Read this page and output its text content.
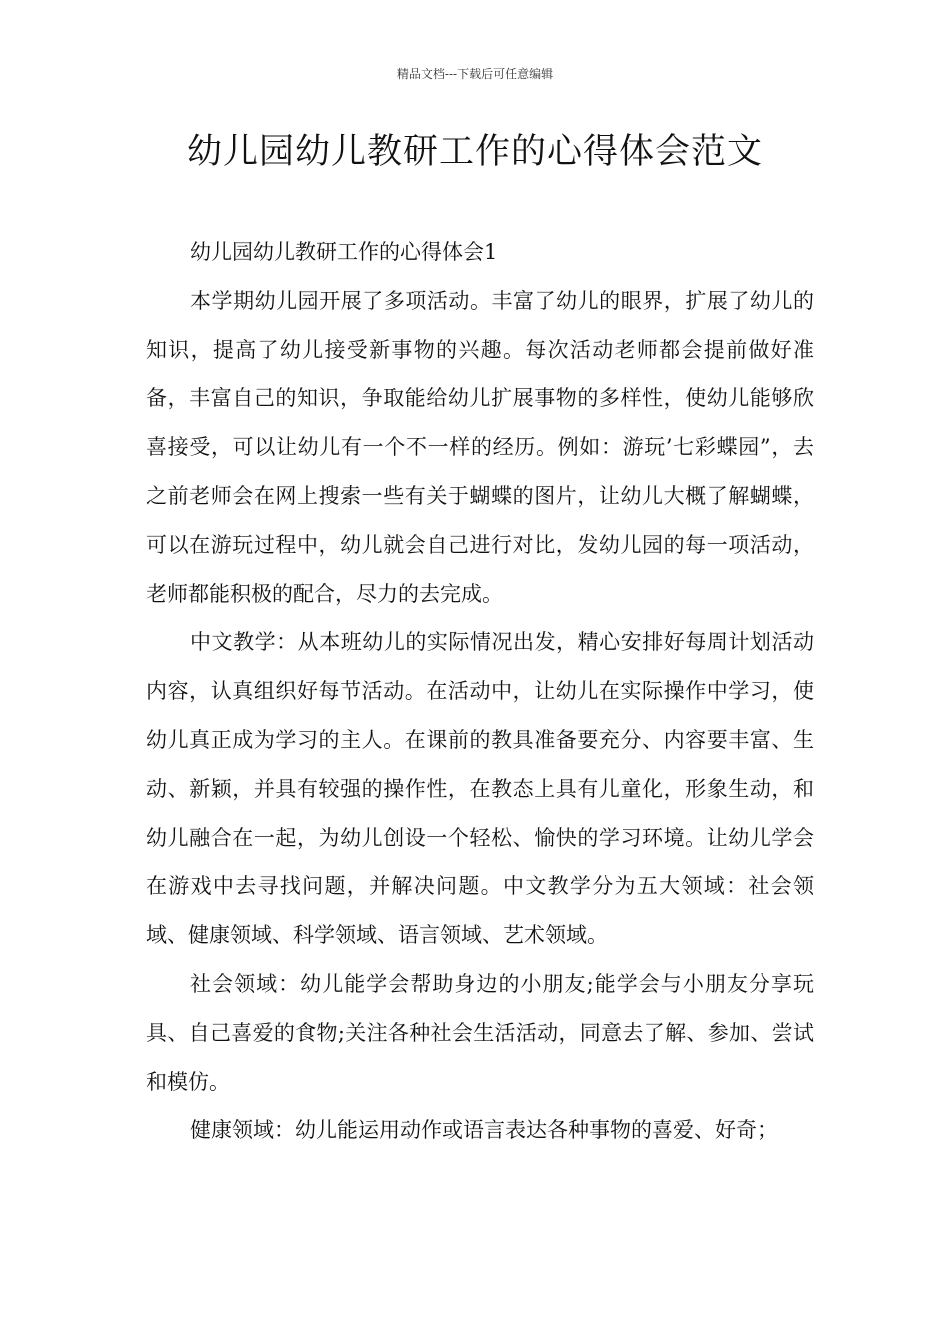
精品文档---下载后可任意编辑
幼儿园幼儿教研工作的心得体会范文

幼儿园幼儿教研工作的心得体会1

本学期幼儿园开展了多项活动。丰富了幼儿的眼界，扩展了幼儿的知识，提高了幼儿接受新事物的兴趣。每次活动老师都会提前做好准备，丰富自己的知识，争取能给幼儿扩展事物的多样性，使幼儿能够欣喜接受，可以让幼儿有一个不一样的经历。例如：游玩’七彩蝶园”，去之前老师会在网上搜索一些有关于蝴蝶的图片，让幼儿大概了解蝴蝶，可以在游玩过程中，幼儿就会自己进行对比，发幼儿园的每一项活动，老师都能积极的配合，尽力的去完成。

中文教学：从本班幼儿的实际情况出发，精心安排好每周计划活动内容，认真组织好每节活动。在活动中，让幼儿在实际操作中学习，使幼儿真正成为学习的主人。在课前的教具准备要充分、内容要丰富、生动、新颖，并具有较强的操作性，在教态上具有儿童化，形象生动，和幼儿融合在一起，为幼儿创设一个轻松、愉快的学习环境。让幼儿学会在游戏中去寻找问题，并解决问题。中文教学分为五大领域：社会领域、健康领域、科学领域、语言领域、艺术领域。

社会领域：幼儿能学会帮助身边的小朋友;能学会与小朋友分享玩具、自己喜爱的食物;关注各种社会生活活动，同意去了解、参加、尝试和模仿。

健康领域：幼儿能运用动作或语言表达各种事物的喜爱、好奇；
